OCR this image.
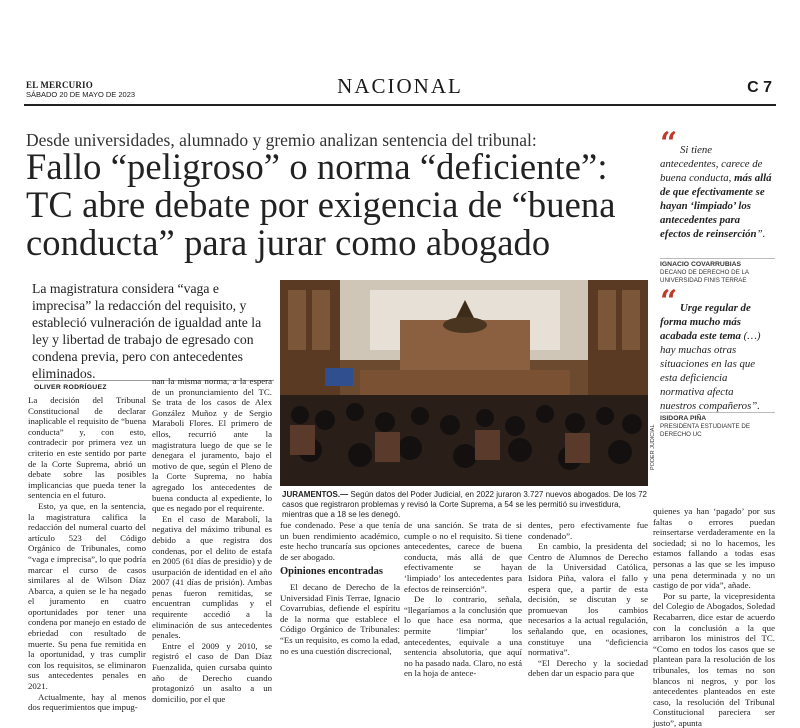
EL MERCURIO
SÁBADO 20 DE MAYO DE 2023	NACIONAL	C 7
Desde universidades, alumnado y gremio analizan sentencia del tribunal:
Fallo “peligroso” o norma “deficiente”:
TC abre debate por exigencia de “buena
conducta” para jurar como abogado
La magistratura considera “vaga e imprecisa” la redacción del requisito, y estableció vulneración de igualdad ante la ley y libertad de trabajo de egresado con condena previa, pero con antecedentes eliminados.
OLIVER RODRÍGUEZ

La decisión del Tribunal Constitucional de declarar inaplicable el requisito de “buena conducta” y, con esto, contradecir por primera vez un criterio en este sentido por parte de la Corte Suprema, abrió un debate sobre las posibles implicancias que pueda tener la sentencia en el futuro.

Esto, ya que, en la sentencia, la magistratura califica la redacción del numeral cuarto del artículo 523 del Código Orgánico de Tribunales, como “vaga e imprecisa”, lo que podría marcar el curso de casos similares al de Wilson Díaz Abarca, a quien se le ha negado el juramento en cuatro oportunidades por tener una condena por manejo en estado de ebriedad con resultado de muerte. Su pena fue remitida en la oportunidad, y tras cumplir con los requisitos, se eliminaron sus antecedentes penales en 2021.

Actualmente, hay al menos dos requerimientos que impug-

nan la misma norma, a la espera de un pronunciamiento del TC. Se trata de los casos de Alex González Muñoz y de Sergio Maraboli Flores. El primero de ellos, recurrió ante la magistratura luego de que se le denegara el juramento, bajo el motivo de que, según el Pleno de la Corte Suprema, no había agregado los antecedentes de buena conducta al expediente, lo que es negado por el requirente.

En el caso de Marabolí, la negativa del máximo tribunal es debido a que registra dos condenas, por el delito de estafa en 2005 (61 días de presidio) y de usurpación de identidad en el año 2007 (41 días de prisión). Ambas penas fueron remitidas, se encuentran cumplidas y el requirente accedió a la eliminación de sus antecedentes penales.

Entre el 2009 y 2010, se registró el caso de Dan Díaz Fuenzalida, quien cursaba quinto año de Derecho cuando protagonizó un asalto a un domicilio, por el que

PODER JUDICIAL
JURAMENTOS.— Según datos del Poder Judicial, en 2022 juraron 3.727 nuevos abogados. De los 72 casos que registraron problemas y revisó la Corte Suprema, a 54 se les permitió su investidura, mientras que a 18 se les denegó.

fue condenado. Pese a que tenía un buen rendimiento académico, este hecho truncaría sus opciones de ser abogado.

Opiniones encontradas

El decano de Derecho de la Universidad Finis Terrae, Ignacio Covarrubias, defiende el espíritu de la norma que establece el Código Orgánico de Tribunales: “Es un requisito, es como la edad, no es una cuestión discrecional,

de una sanción. Se trata de si cumple o no el requisito. Si tiene antecedentes, carece de buena conducta, más allá de que efectivamente se hayan ‘limpiado’ los antecedentes para efectos de reinserción”.

De lo contrario, señala, “llegaríamos a la conclusión que lo que hace esa norma, que permite ‘limpiar’ los antecedentes, equivale a una sentencia absolutoria, que aquí no ha pasado nada. Claro, no está en la hoja de antece-

dentes, pero efectivamente fue condenado”.

En cambio, la presidenta del Centro de Alumnos de Derecho de la Universidad Católica, Isidora Piña, valora el fallo y espera que, a partir de esta decisión, se discutan y se promuevan los cambios necesarios a la actual regulación, señalando que, en ocasiones, constituye una “deficiencia normativa”.

“El Derecho y la sociedad deben dar un espacio para que

quienes ya han ‘pagado’ por sus faltas o errores puedan reinsertarse verdaderamente en la sociedad; si no lo hacemos, les estamos fallando a todas esas personas a las que se les impuso una pena determinada y no un castigo de por vida”, añade.

Por su parte, la vicepresidenta del Colegio de Abogados, Soledad Recabarren, dice estar de acuerdo con la conclusión a la que arribaron los ministros del TC. “Como en todos los casos que se plantean para la resolución de los tribunales, los temas no son blancos ni negros, y por los antecedentes planteados en este caso, la resolución del Tribunal Constitucional pareciera ser justo”, apunta

“ Si tiene antecedentes, carece de buena conducta, más allá de que efectivamente se hayan ‘limpiado’ los antecedentes para efectos de reinserción”.
IGNACIO COVARRUBIAS
DECANO DE DERECHO DE LA UNIVERSIDAD FINIS TERRAE
“ Urge regular de forma mucho más acabada este tema (…) hay muchas otras situaciones en las que esta deficiencia normativa afecta nuestros compañeros”.
ISIDORA PIÑA
PRESIDENTA ESTUDIANTE DE DERECHO UC
